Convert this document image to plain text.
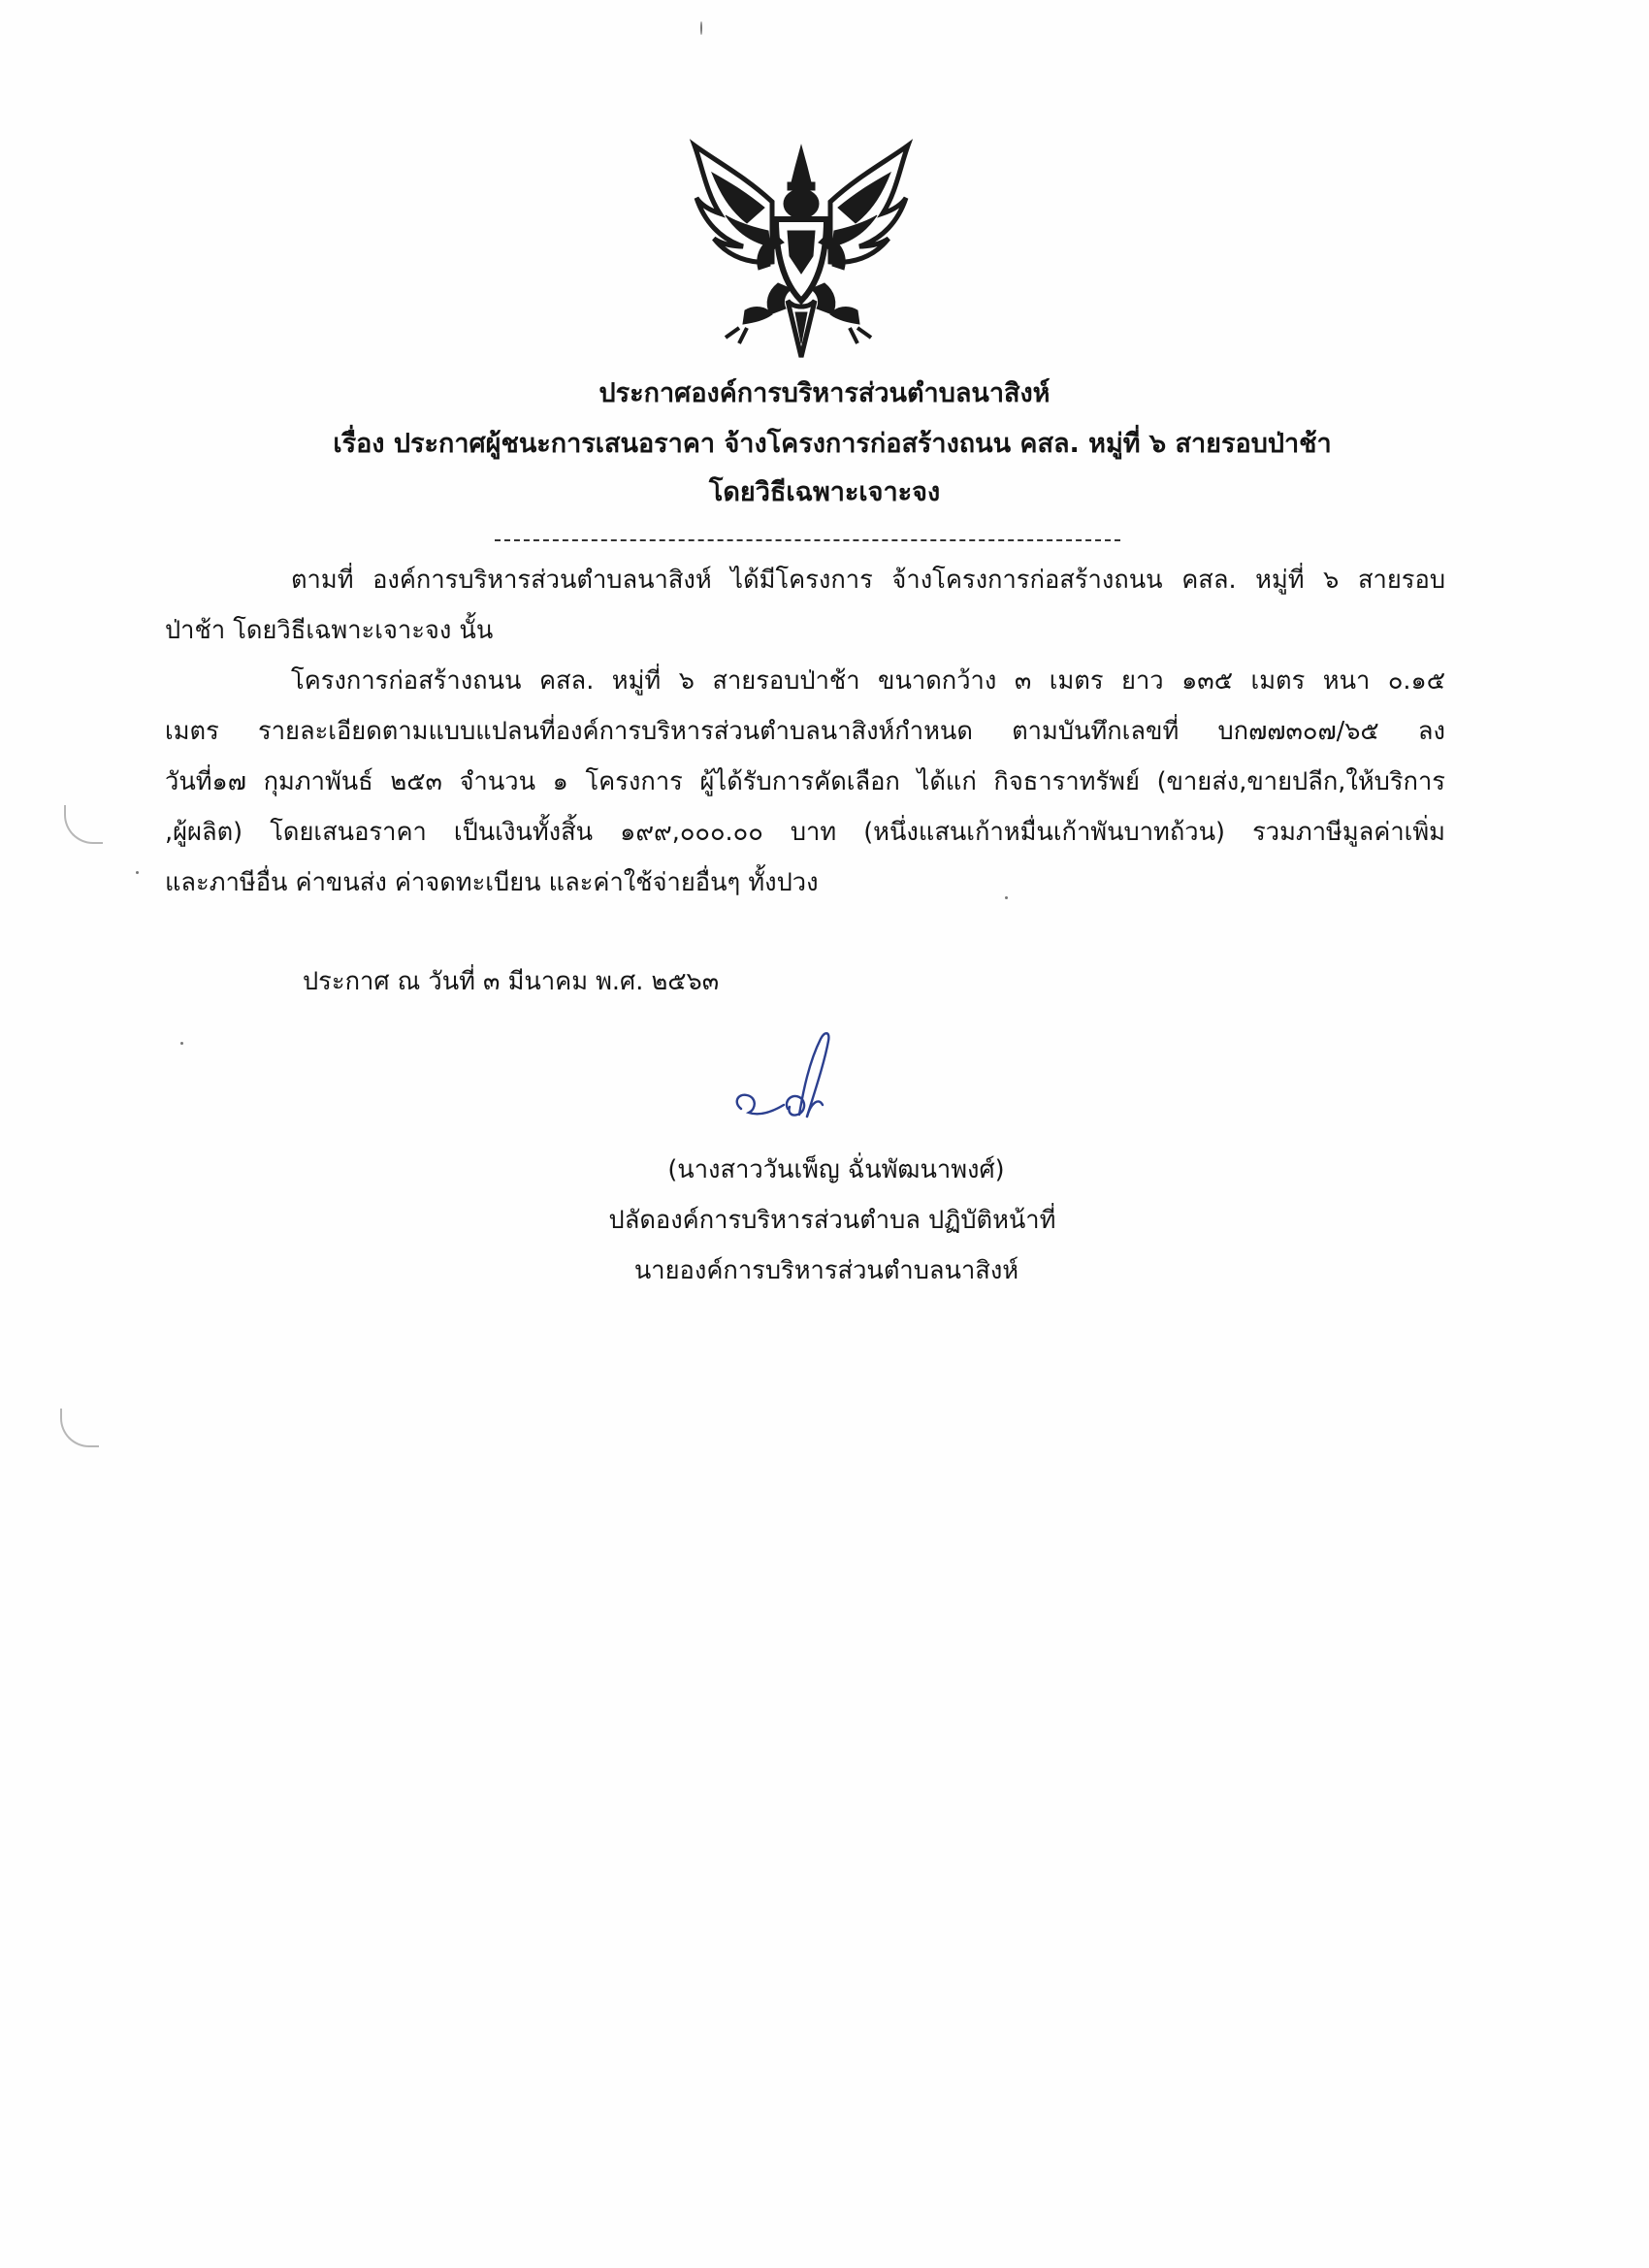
ประกาศองค์การบริหารส่วนตำบลนาสิงห์
เรื่อง ประกาศผู้ชนะการเสนอราคา จ้างโครงการก่อสร้างถนน คสล. หมู่ที่ ๖ สายรอบป่าช้า
โดยวิธีเฉพาะเจาะจง
ตามที่ องค์การบริหารส่วนตำบลนาสิงห์ ได้มีโครงการ จ้างโครงการก่อสร้างถนน คสล. หมู่ที่ ๖ สายรอบ
ป่าช้า โดยวิธีเฉพาะเจาะจง นั้น
โครงการก่อสร้างถนน คสล. หมู่ที่ ๖ สายรอบป่าช้า ขนาดกว้าง ๓ เมตร ยาว ๑๓๕ เมตร หนา ๐.๑๕
เมตร รายละเอียดตามแบบแปลนที่องค์การบริหารส่วนตำบลนาสิงห์กำหนด ตามบันทึกเลขที่ บก๗๗๓๐๗/๖๕ ลง
วันที่๑๗ กุมภาพันธ์ ๒๕๓ จำนวน ๑ โครงการ ผู้ได้รับการคัดเลือก ได้แก่ กิจธาราทรัพย์ (ขายส่ง,ขายปลีก,ให้บริการ
,ผู้ผลิต) โดยเสนอราคา เป็นเงินทั้งสิ้น ๑๙๙,๐๐๐.๐๐ บาท (หนึ่งแสนเก้าหมื่นเก้าพันบาทถ้วน) รวมภาษีมูลค่าเพิ่ม
และภาษีอื่น ค่าขนส่ง ค่าจดทะเบียน และค่าใช้จ่ายอื่นๆ ทั้งปวง
ประกาศ ณ วันที่ ๓ มีนาคม พ.ศ. ๒๕๖๓
(นางสาววันเพ็ญ ฉั่นพัฒนาพงศ์)
ปลัดองค์การบริหารส่วนตำบล ปฏิบัติหน้าที่
นายองค์การบริหารส่วนตำบลนาสิงห์
